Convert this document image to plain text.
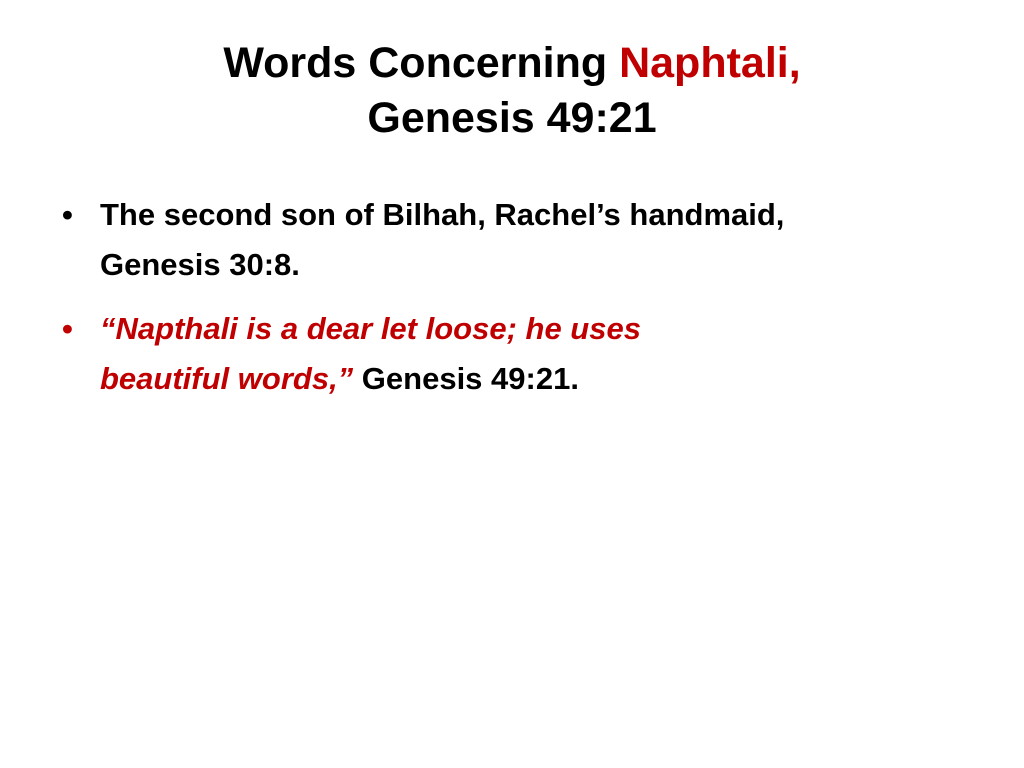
Words Concerning Naphtali,
Genesis 49:21
• The second son of Bilhah, Rachel’s handmaid,
Genesis 30:8.
• “Napthali is a dear let loose; he uses
beautiful words,” Genesis 49:21.
